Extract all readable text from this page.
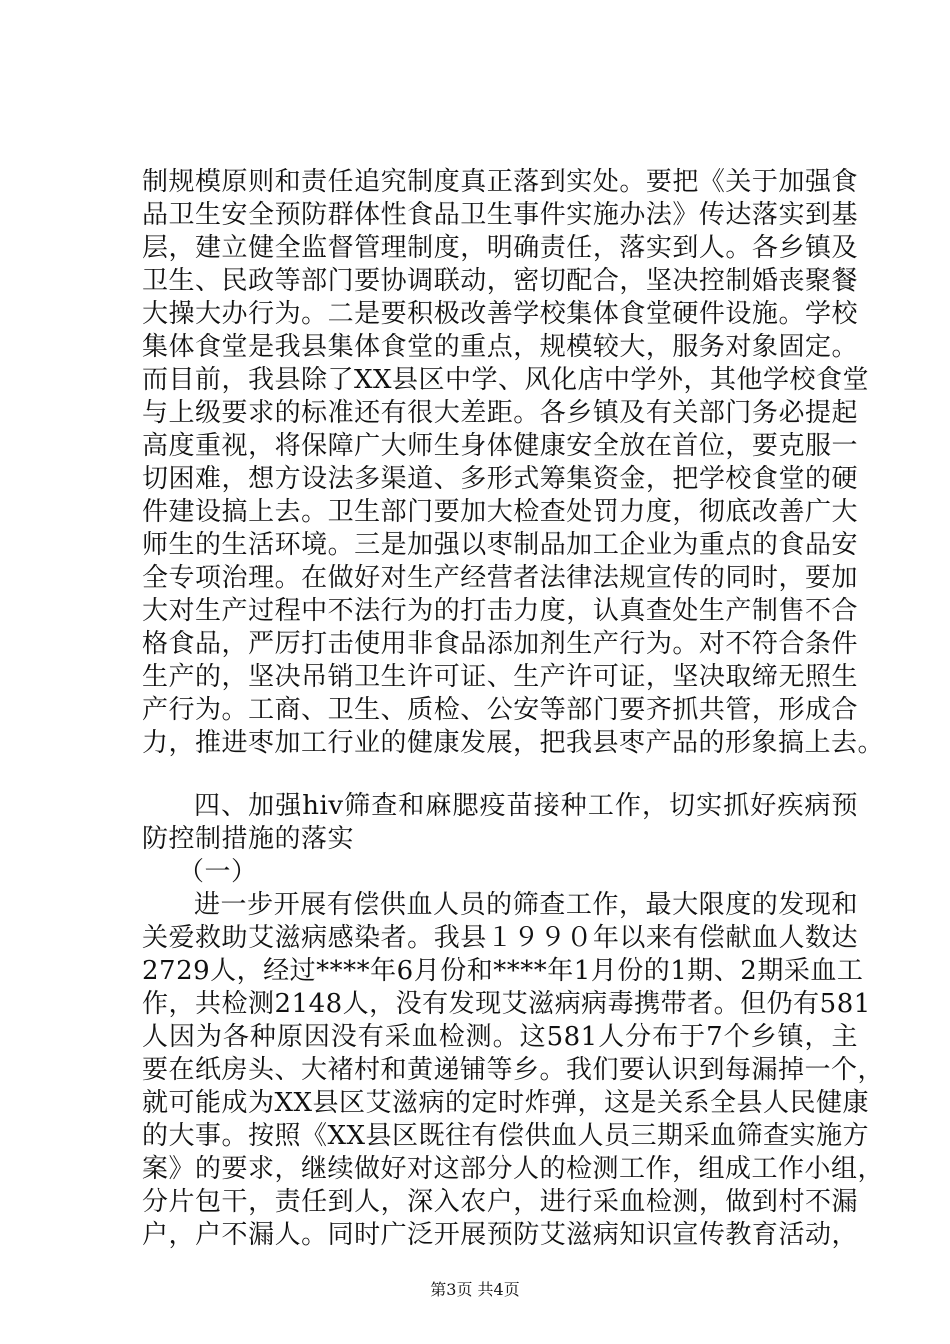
制规模原则和责任追究制度真正落到实处。要把《关于加强食
品卫生安全预防群体性食品卫生事件实施办法》传达落实到基
层，建立健全监督管理制度，明确责任，落实到人。各乡镇及
卫生、民政等部门要协调联动，密切配合，坚决控制婚丧聚餐
大操大办行为。二是要积极改善学校集体食堂硬件设施。学校
集体食堂是我县集体食堂的重点，规模较大，服务对象固定。
而目前，我县除了XX县区中学、风化店中学外，其他学校食堂
与上级要求的标准还有很大差距。各乡镇及有关部门务必提起
高度重视，将保障广大师生身体健康安全放在首位，要克服一
切困难，想方设法多渠道、多形式筹集资金，把学校食堂的硬
件建设搞上去。卫生部门要加大检查处罚力度，彻底改善广大
师生的生活环境。三是加强以枣制品加工企业为重点的食品安
全专项治理。在做好对生产经营者法律法规宣传的同时，要加
大对生产过程中不法行为的打击力度，认真查处生产制售不合
格食品，严厉打击使用非食品添加剂生产行为。对不符合条件
生产的，坚决吊销卫生许可证、生产许可证，坚决取缔无照生
产行为。工商、卫生、质检、公安等部门要齐抓共管，形成合
力，推进枣加工行业的健康发展，把我县枣产品的形象搞上去。
四、加强hiv筛查和麻腮疫苗接种工作，切实抓好疾病预
防控制措施的落实
（一）
进一步开展有偿供血人员的筛查工作，最大限度的发现和
关爱救助艾滋病感染者。我县１９９０年以来有偿献血人数达
2729人，经过****年6月份和****年1月份的1期、2期采血工
作，共检测2148人，没有发现艾滋病病毒携带者。但仍有581
人因为各种原因没有采血检测。这581人分布于7个乡镇，主
要在纸房头、大褚村和黄递铺等乡。我们要认识到每漏掉一个，
就可能成为XX县区艾滋病的定时炸弹，这是关系全县人民健康
的大事。按照《XX县区既往有偿供血人员三期采血筛查实施方
案》的要求，继续做好对这部分人的检测工作，组成工作小组，
分片包干，责任到人，深入农户，进行采血检测，做到村不漏
户，户不漏人。同时广泛开展预防艾滋病知识宣传教育活动，
第3页 共4页
